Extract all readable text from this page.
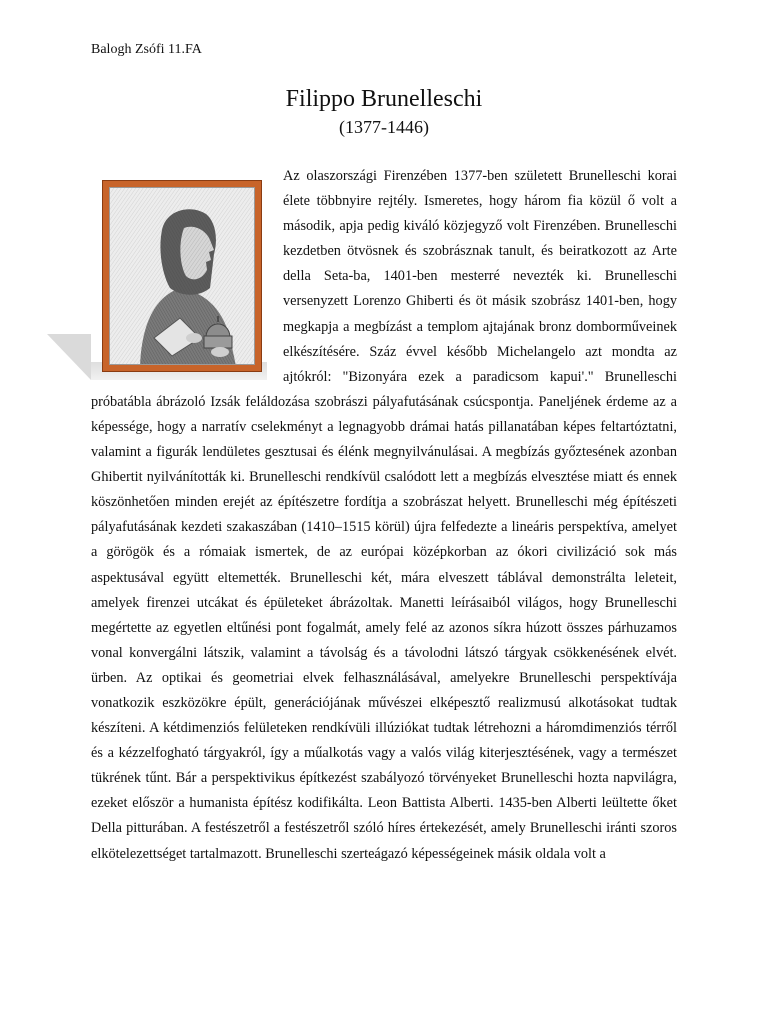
Balogh Zsófi 11.FA

Filippo Brunelleschi

(1377-1446)

Az olaszországi Firenzében 1377-ben született Brunelleschi korai élete többnyire rejtély. Ismeretes, hogy három fia közül ő volt a második, apja pedig kiváló közjegyző volt Firenzében. Brunelleschi kezdetben ötvösnek és szobrásznak tanult, és beiratkozott az Arte della Seta-ba, 1401-ben mesterré nevezték ki. Brunelleschi versenyzett Lorenzo Ghiberti és öt másik szobrász 1401-ben, hogy megkapja a megbízást a templom ajtajának bronz domborműveinek elkészítésére. Száz évvel később Michelangelo azt mondta az ajtókról: "Bizonyára ezek a paradicsom kapui'." Brunelleschi próbatábla ábrázoló Izsák feláldozása szobrászi pályafutásának csúcspontja. Paneljének érdeme az a képessége, hogy a narratív cselekményt a legnagyobb drámai hatás pillanatában képes feltartóztatni, valamint a figurák lendületes gesztusai és élénk megnyilvánulásai. A megbízás győztesének azonban Ghibertit nyilvánították ki. Brunelleschi rendkívül csalódott lett a megbízás elvesztése miatt és ennek köszönhetően minden erejét az építészetre fordítja a szobrászat helyett. Brunelleschi még építészeti pályafutásának kezdeti szakaszában (1410–1515 körül) újra felfedezte a lineáris perspektíva, amelyet a görögök és a rómaiak ismertek, de az európai középkorban az ókori civilizáció sok más aspektusával együtt eltemették. Brunelleschi két, mára elveszett táblával demonstrálta leleteit, amelyek firenzei utcákat és épületeket ábrázoltak. Manetti leírásaiból világos, hogy Brunelleschi megértette az egyetlen eltűnési pont fogalmát, amely felé az azonos síkra húzott összes párhuzamos vonal konvergálni látszik, valamint a távolság és a távolodni látszó tárgyak csökkenésének elvét. ürben. Az optikai és geometriai elvek felhasználásával, amelyekre Brunelleschi perspektívája vonatkozik eszközökre épült, generációjának művészei elképesztő realizmusú alkotásokat tudtak készíteni. A kétdimenziós felületeken rendkívüli illúziókat tudtak létrehozni a háromdimenziós térről és a kézzelfogható tárgyakról, így a műalkotás vagy a valós világ kiterjesztésének, vagy a természet tükrének tűnt. Bár a perspektivikus építkezést szabályozó törvényeket Brunelleschi hozta napvilágra, ezeket először a humanista építész kodifikálta. Leon Battista Alberti. 1435-ben Alberti leültette őket Della pitturában. A festészetről a festészetről szóló híres értekezését, amely Brunelleschi iránti szoros elkötelezettséget tartalmazott. Brunelleschi szerteágazó képességeinek másik oldala volt a
